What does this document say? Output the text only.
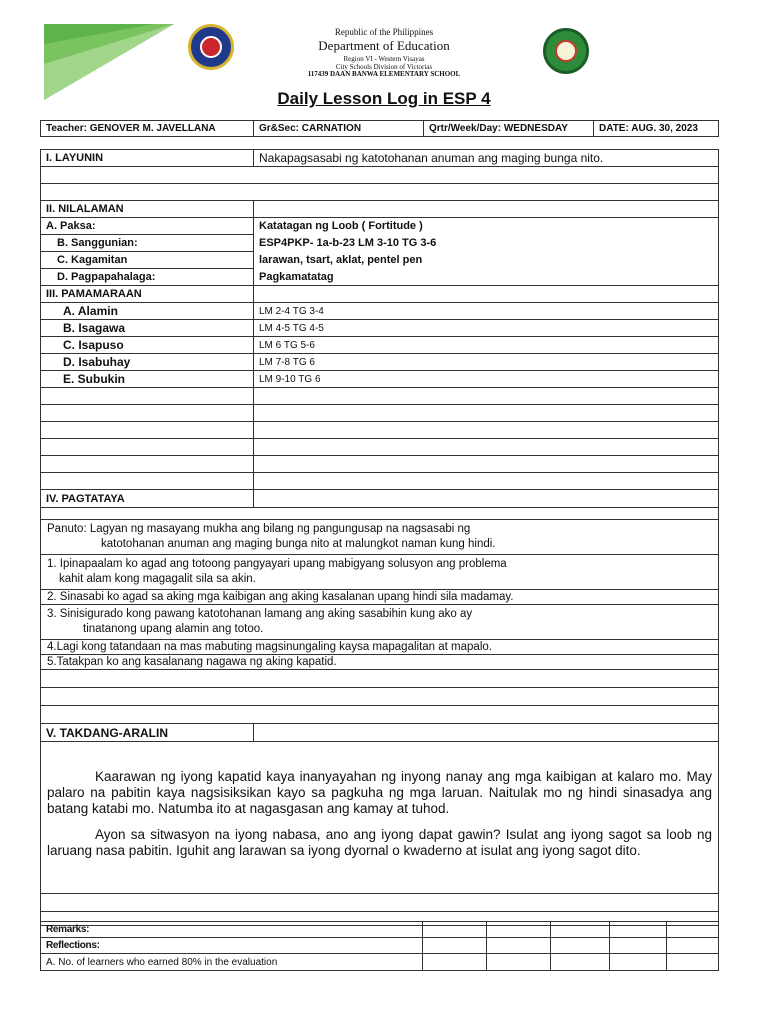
Republic of the Philippines
Department of Education
Region VI - Western Visayas
City Schools Division of Victorias
117439 DAAN BANWA ELEMENTARY SCHOOL
Daily Lesson Log in ESP 4
Teacher: GENOVER M. JAVELLANA	Gr&Sec: CARNATION	Qrtr/Week/Day: WEDNESDAY	DATE: AUG. 30, 2023
I. LAYUNIN	Nakapagsasabi ng katotohanan anuman ang maging bunga nito.

II. NILALAMAN	
A. Paksa:	Katatagan ng Loob ( Fortitude )
B. Sanggunian:	ESP4PKP- 1a-b-23 LM 3-10 TG 3-6
C. Kagamitan	larawan, tsart, aklat, pentel pen
D. Pagpapahalaga:	Pagkamatatag
III. PAMAMARAAN	
A. Alamin	LM 2-4 TG 3-4
B. Isagawa	LM 4-5 TG 4-5
C. Isapuso	LM 6 TG 5-6
D. Isabuhay	LM 7-8 TG 6
E. Subukin	LM 9-10 TG 6

IV. PAGTATAYA	

Panuto: Lagyan ng masayang mukha ang bilang ng pangungusap na nagsasabi ng
katotohanan anuman ang maging bunga nito at malungkot naman kung hindi.	

1. Ipinapaalam ko agad ang totoong pangyayari upang mabigyang solusyon ang problema
kahit alam kong magagalit sila sa akin.	

2. Sinasabi ko agad sa aking mga kaibigan ang aking kasalanan upang hindi sila madamay.	

3. Sinisigurado kong pawang katotohanan lamang ang aking sasabihin kung ako ay
tinatanong upang alamin ang totoo.	

4.Lagi kong tatandaan na mas mabuting magsinungaling kaysa mapagalitan at mapalo.	
5.Tatakpan ko ang kasalanang nagawa ng aking kapatid.	

V. TAKDANG-ARALIN	

Kaarawan ng iyong kapatid kaya inanyayahan ng inyong nanay ang mga kaibigan at kalaro mo. May palaro na pabitin kaya nagsisiksikan kayo sa pagkuha ng mga laruan. Naitulak mo ng hindi sinasadya ang batang katabi mo. Natumba ito at nagasgasan ang kamay at tuhod.

Ayon sa sitwasyon na iyong nabasa, ano ang iyong dapat gawin? Isulat ang iyong sagot sa loob ng laruang nasa pabitin. Iguhit ang larawan sa iyong dyornal o kwaderno at isulat ang iyong sagot dito.	

Remarks:					
Reflections:					
A. No. of learners who earned 80% in the evaluation					
